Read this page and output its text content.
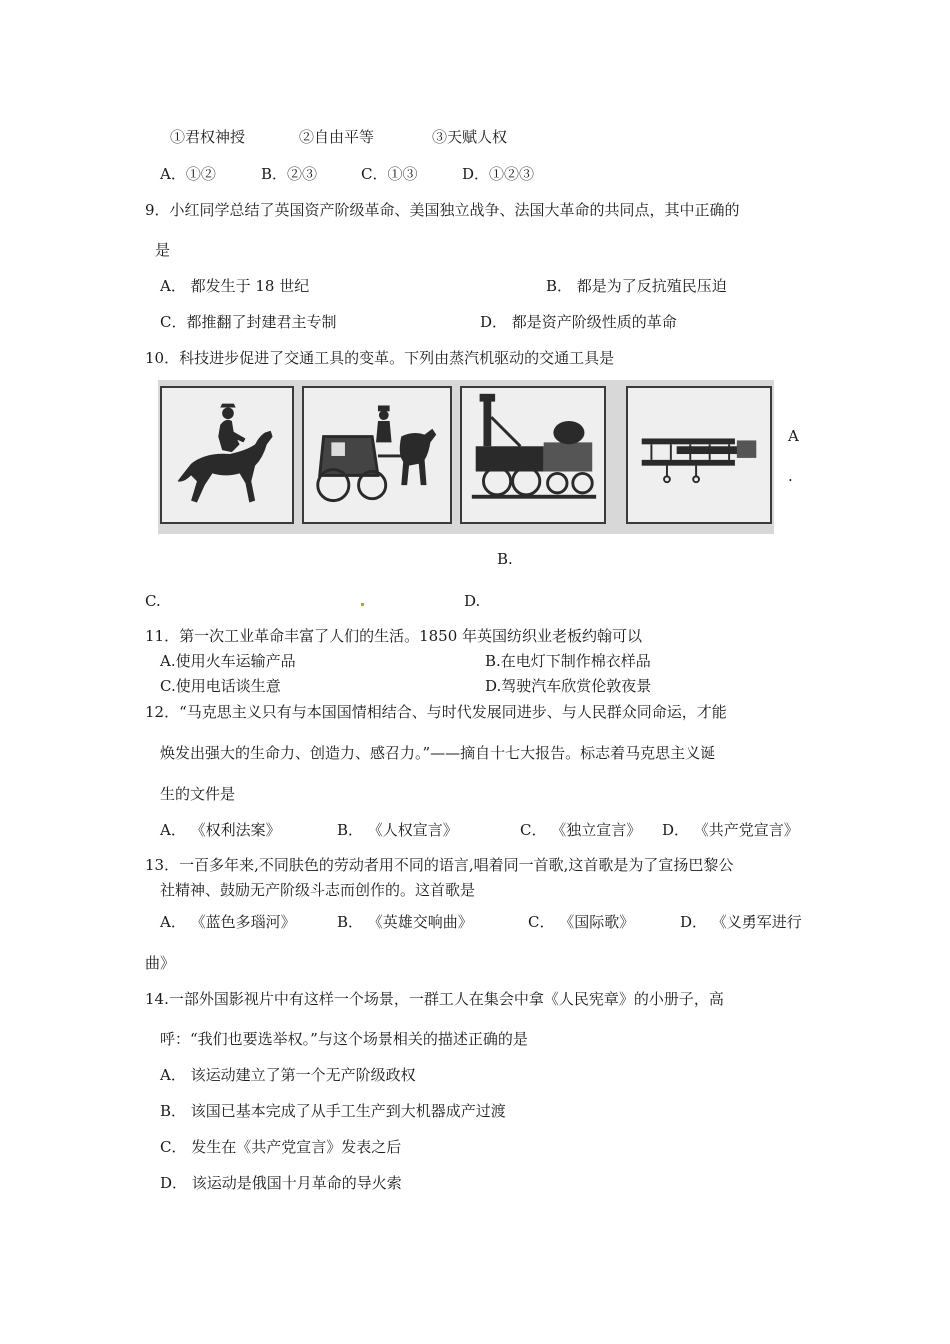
①君权神授	②自由平等	③天赋人权
A．①②	B．②③	C．①③	D．①②③
9．小红同学总结了英国资产阶级革命、美国独立战争、法国大革命的共同点，其中正确的
是
A． 都发生于 18 世纪	B． 都是为了反抗殖民压迫
C．都推翻了封建君主专制	D． 都是资产阶级性质的革命
10．科技进步促进了交通工具的变革。下列由蒸汽机驱动的交通工具是
A
.
B.
C.	D.
11．第一次工业革命丰富了人们的生活。1850 年英国纺织业老板约翰可以
A.使用火车运输产品	B.在电灯下制作棉衣样品
C.使用电话谈生意	D.驾驶汽车欣赏伦敦夜景
12．“马克思主义只有与本国国情相结合、与时代发展同进步、与人民群众同命运，才能
焕发出强大的生命力、创造力、感召力。”——摘自十七大报告。标志着马克思主义诞
生的文件是
A． 《权利法案》	B． 《人权宣言》	C． 《独立宣言》 D． 《共产党宣言》
13．一百多年来,不同肤色的劳动者用不同的语言,唱着同一首歌,这首歌是为了宣扬巴黎公
社精神、鼓励无产阶级斗志而创作的。这首歌是
A． 《蓝色多瑙河》	B． 《英雄交响曲》	C． 《国际歌》	D． 《义勇军进行
曲》
14.一部外国影视片中有这样一个场景，一群工人在集会中拿《人民宪章》的小册子，高
呼：“我们也要选举权。”与这个场景相关的描述正确的是
A． 该运动建立了第一个无产阶级政权
B． 该国已基本完成了从手工生产到大机器成产过渡
C． 发生在《共产党宣言》发表之后
D． 该运动是俄国十月革命的导火索
